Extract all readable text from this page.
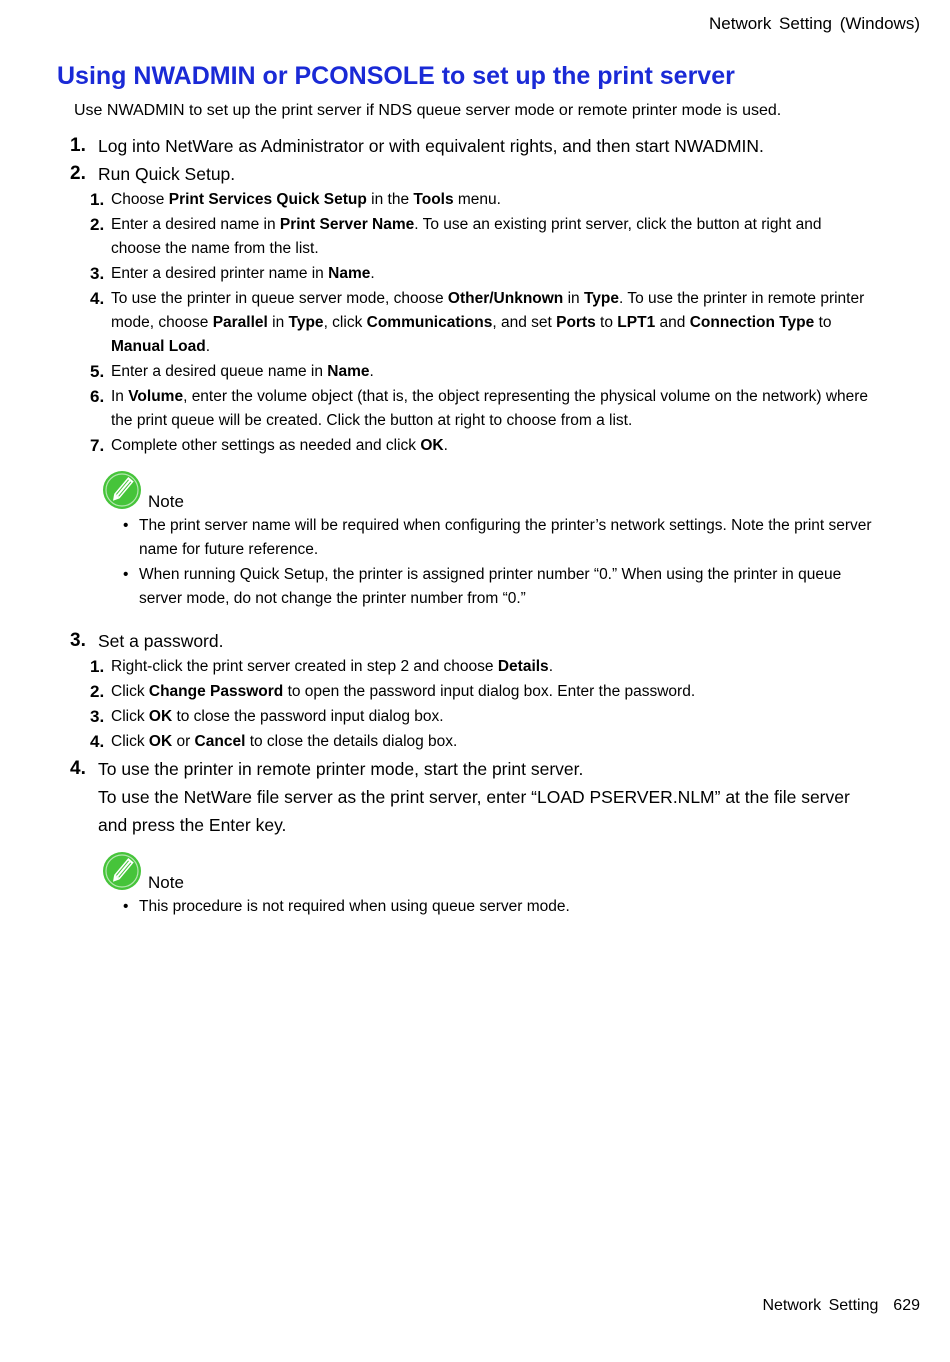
Network Setting (Windows)
Using NWADMIN or PCONSOLE to set up the print server

Use NWADMIN to set up the print server if NDS queue server mode or remote printer mode is used.

1. Log into NetWare as Administrator or with equivalent rights, and then start NWADMIN.
2. Run Quick Setup.
1. Choose Print Services Quick Setup in the Tools menu.
2. Enter a desired name in Print Server Name. To use an existing print server, click the button at right and choose the name from the list.
3. Enter a desired printer name in Name.
4. To use the printer in queue server mode, choose Other/Unknown in Type. To use the printer in remote printer mode, choose Parallel in Type, click Communications, and set Ports to LPT1 and Connection Type to Manual Load.
5. Enter a desired queue name in Name.
6. In Volume, enter the volume object (that is, the object representing the physical volume on the network) where the print queue will be created. Click the button at right to choose from a list.
7. Complete other settings as needed and click OK.
Note
• The print server name will be required when configuring the printer’s network settings. Note the print server name for future reference.
• When running Quick Setup, the printer is assigned printer number “0.” When using the printer in queue server mode, do not change the printer number from “0.”
3. Set a password.
1. Right-click the print server created in step 2 and choose Details.
2. Click Change Password to open the password input dialog box. Enter the password.
3. Click OK to close the password input dialog box.
4. Click OK or Cancel to close the details dialog box.
4. To use the printer in remote printer mode, start the print server.
To use the NetWare file server as the print server, enter “LOAD PSERVER.NLM” at the file server and press the Enter key.
Note
• This procedure is not required when using queue server mode.
Network Setting 629
